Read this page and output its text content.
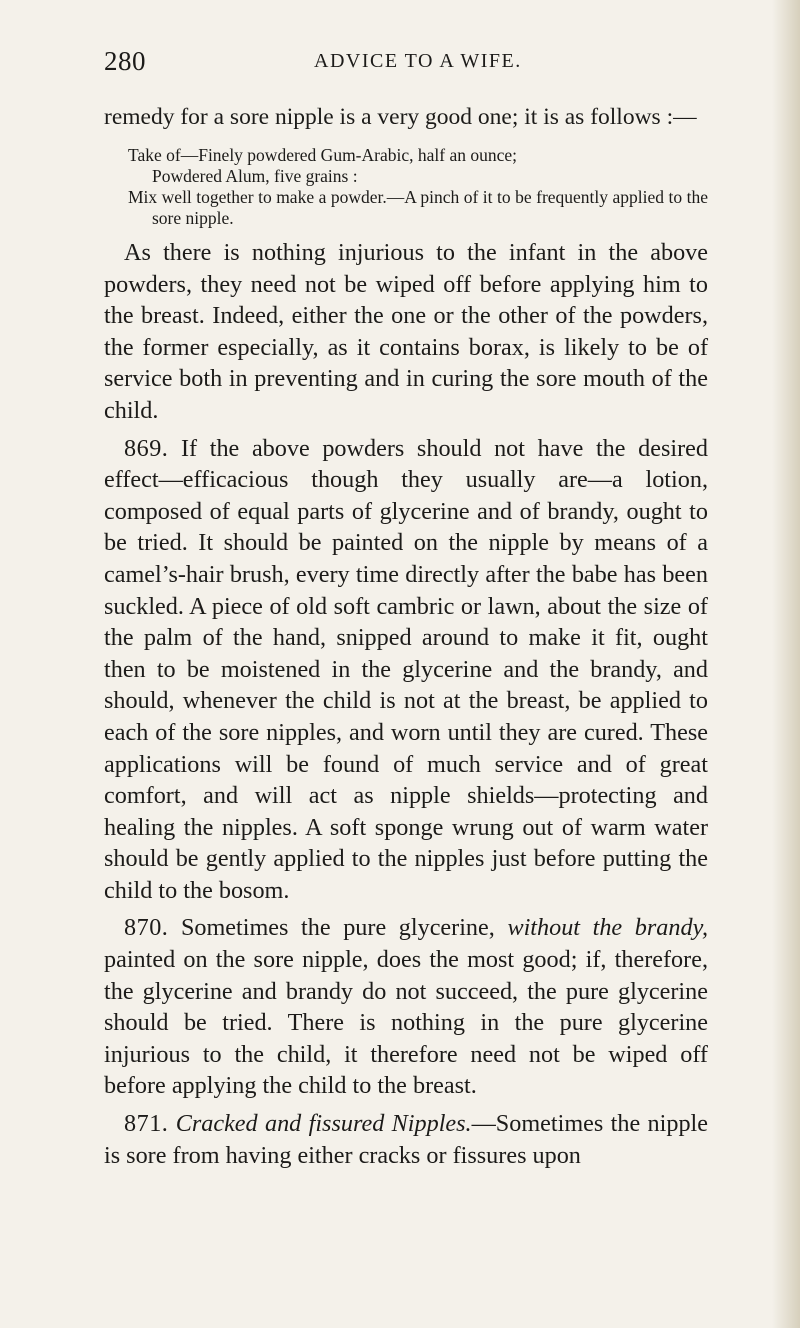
280	ADVICE TO A WIFE.

remedy for a sore nipple is a very good one; it is as follows :—

Take of—Finely powdered Gum-Arabic, half an ounce;
Powdered Alum, five grains :
Mix well together to make a powder.—A pinch of it to be frequently applied to the sore nipple.

As there is nothing injurious to the infant in the above powders, they need not be wiped off before applying him to the breast. Indeed, either the one or the other of the powders, the former especially, as it contains borax, is likely to be of service both in preventing and in curing the sore mouth of the child.

869. If the above powders should not have the desired effect—efficacious though they usually are—a lotion, composed of equal parts of glycerine and of brandy, ought to be tried. It should be painted on the nipple by means of a camel’s-hair brush, every time directly after the babe has been suckled. A piece of old soft cambric or lawn, about the size of the palm of the hand, snipped around to make it fit, ought then to be moistened in the glycerine and the brandy, and should, whenever the child is not at the breast, be applied to each of the sore nipples, and worn until they are cured. These applications will be found of much service and of great comfort, and will act as nipple shields—protecting and healing the nipples. A soft sponge wrung out of warm water should be gently applied to the nipples just before putting the child to the bosom.

870. Sometimes the pure glycerine, without the brandy, painted on the sore nipple, does the most good; if, therefore, the glycerine and brandy do not succeed, the pure glycerine should be tried. There is nothing in the pure glycerine injurious to the child, it therefore need not be wiped off before applying the child to the breast.

871. Cracked and fissured Nipples.—Sometimes the nipple is sore from having either cracks or fissures upon
